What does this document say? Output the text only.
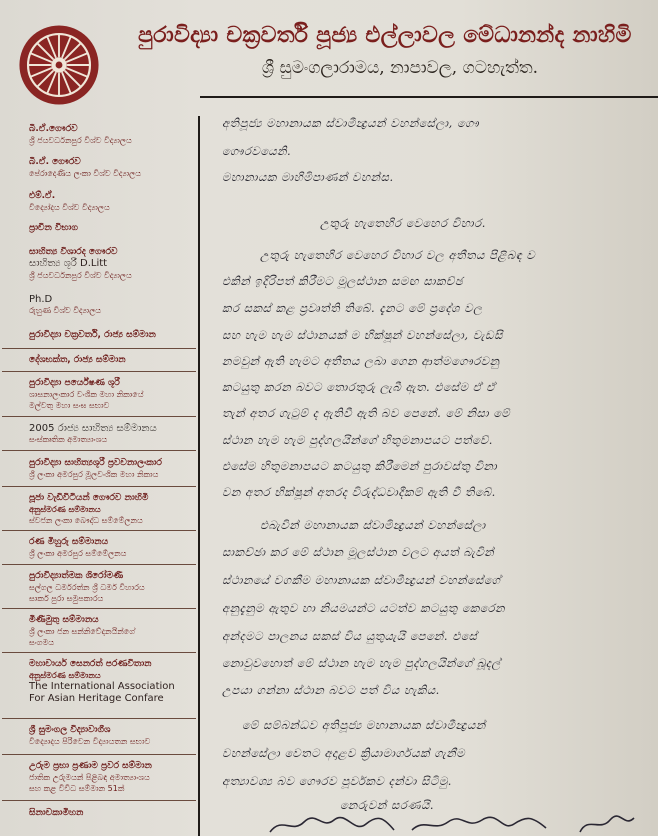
පුරාවිද්‍යා චක්‍රවර්ති පූජ්‍ය එල්ලාවල මේධානන්ද නාහිමි
ශ්‍රී සුමංගලාරාමය, නාපාවල, ගටහැත්ත.
බී.ඒ.ගෞරව
ශ්‍රී ජයවර්ධනපුර විශ්ව විද්‍යාලය
බී.ඒ. ගෞරව
පේරාදෙණිය ලංකා විශ්ව විද්‍යාලය
එම්.ඒ.
විද්‍යෝදය විශ්ව විද්‍යාලය
ප්‍රාචීන විභාග
සාහිත්‍ය විශාරද ගෞරව
සාහිත්‍ය ශූරී D.Litt
ශ්‍රී ජයවර්ධනපුර විශ්ව විද්‍යාලය
Ph.D
රුහුණ විශ්ව විද්‍යාලය
පුරාවිද්‍යා චක්‍රවර්ති, රාජ්‍ය සම්මාන
දේශභක්ත, රාජ්‍ය සම්මාන
පුරාවිද්‍යා පර්යේෂණ ශූරී
ශාසනාලංකාර වංශික මහා නිකායේ
මල්වතු මහා සංඝ සභාව
2005 රාජ්‍ය සාහිත්‍ය සම්මානය
සංස්කෘතික අමාත්‍යාංශය
පුරාවිද්‍යා සාහිත්‍යශූරී ප්‍රවචනාලංකාර
ශ්‍රී ලංකා අමරපුර මූලවංශික මහා නිකාය
පූජා වැඩිවිටියන් ගෞරව නාහිමි
අනුස්මරණ සම්මානය
ස්වජන ලංකා බෞද්ධ සම්මේලනය
රණ මිහුරු සම්මානය
ශ්‍රී ලංකා අමරපුර සම්මේලනය
පුරාවිද්‍යාත්මක ශිරෝමණි
සල්ගල ධර්මරත්න ශ්‍රී ධර්ම විහාරය
සාර්ක පුරා සමුපකාරය
මිණිමුතු සම්මානය
ශ්‍රී ලංකා ජන සන්නිවේදනයින්ගේ
සංගමය
මහාචාර්ය සෙනරත් පරණවිතාන
අනුස්මරණ සම්මානය
The International Association
For Asian Heritage Confare
ශ්‍රී සුමංගල විද්‍යාවාගීශ
විද්‍යොදය පිරිවෙන විද්‍යායතන සභාව
උරුම ප්‍රභා ප්‍රණාම ප්‍රවර සම්මාන
ජාතික උරුමයන් පිළිබඳ අමාත්‍යාංශය
සහ කළ විවිධ සම්මාන 51ක්
සිනාචකාමිහන
අතිපූජ්‍ය මහානායක ස්වාමීන්‍ද්‍රයන් වහන්සේලා, ගෞ
ගෞරවයෙනි.
මහානායක මාහිමිපාණන් වහන්ස.
උතුරු හැතෙහිර වෙහෙර විහාර.
උතුරු හැතෙහිර වෙහෙර විහාර වල අතීතය පිළිබඳ ව
එකින් ඉදිරිපත් කිරීමට මූලස්ථාන සමඟ සාකච්ඡ
කර සකස් කළ ප්‍රවෘත්ති තිබේ. දැනට මේ ප්‍රදේශ වල
සහ හැම හැම ස්ථානයක් ම භික්ෂූන් වහන්සේලා, වැඩසි
නමවුන් ඇති හැමට අතීතය ලබා ගෙන ආත්මගෞරවනු
කටයුතු කරන බවට තොරතුරු ලැබී ඇත. එසේම ඒ ඒ
තැන් අතර ගැටුම් ද ඇතිවී ඇති බව පෙනේ. මේ නිසා මේ
ස්ථාන හැම හැම පුද්ගලයින්ගේ හිතුමනාපයට පත්වේ.
එසේම හිතුමනාපයට කටයුතු කිරීමෙන් පුරාවස්තු විනා
වන අතර භික්ෂූන් අතරද විරුද්ධවාදීකම් ඇති වී තිබේ.
එබැවින් මහානායක ස්වාමින්‍ද්‍රයන් වහන්සේලා
සාකච්ඡා කර මේ ස්ථාන මූලස්ථාන වලට අයත් බැවින්
ස්ථානයේ වගකීම මහානායක ස්වාමීන්‍ද්‍රයන් වහන්සේගේ
අනුදැනුම ඇතුව හා නියමයන්ට යටත්ව කටයුතු කෙරෙන
අන්දමට පාලනය සකස් විය යුතුයැයි පෙනේ. එසේ
නොවුවහොත් මේ ස්ථාන හැම හැම පුද්ගලයින්ගේ බූදල්
උපයා ගන්නා ස්ථාන බවට පත් විය හැකිය.
මේ සම්බන්ධව අතිපූජ්‍ය මහානායක ස්වාමීන්‍ද්‍රයන්
වහන්සේලා වෙතට අදාළව ක්‍රියාමාර්ගයක් ගැනීම
අත්‍යාවශ්‍ය බව ගෞරව පූර්වකව දන්වා සිටිමු.
නෙරුවන් සරණයි.
